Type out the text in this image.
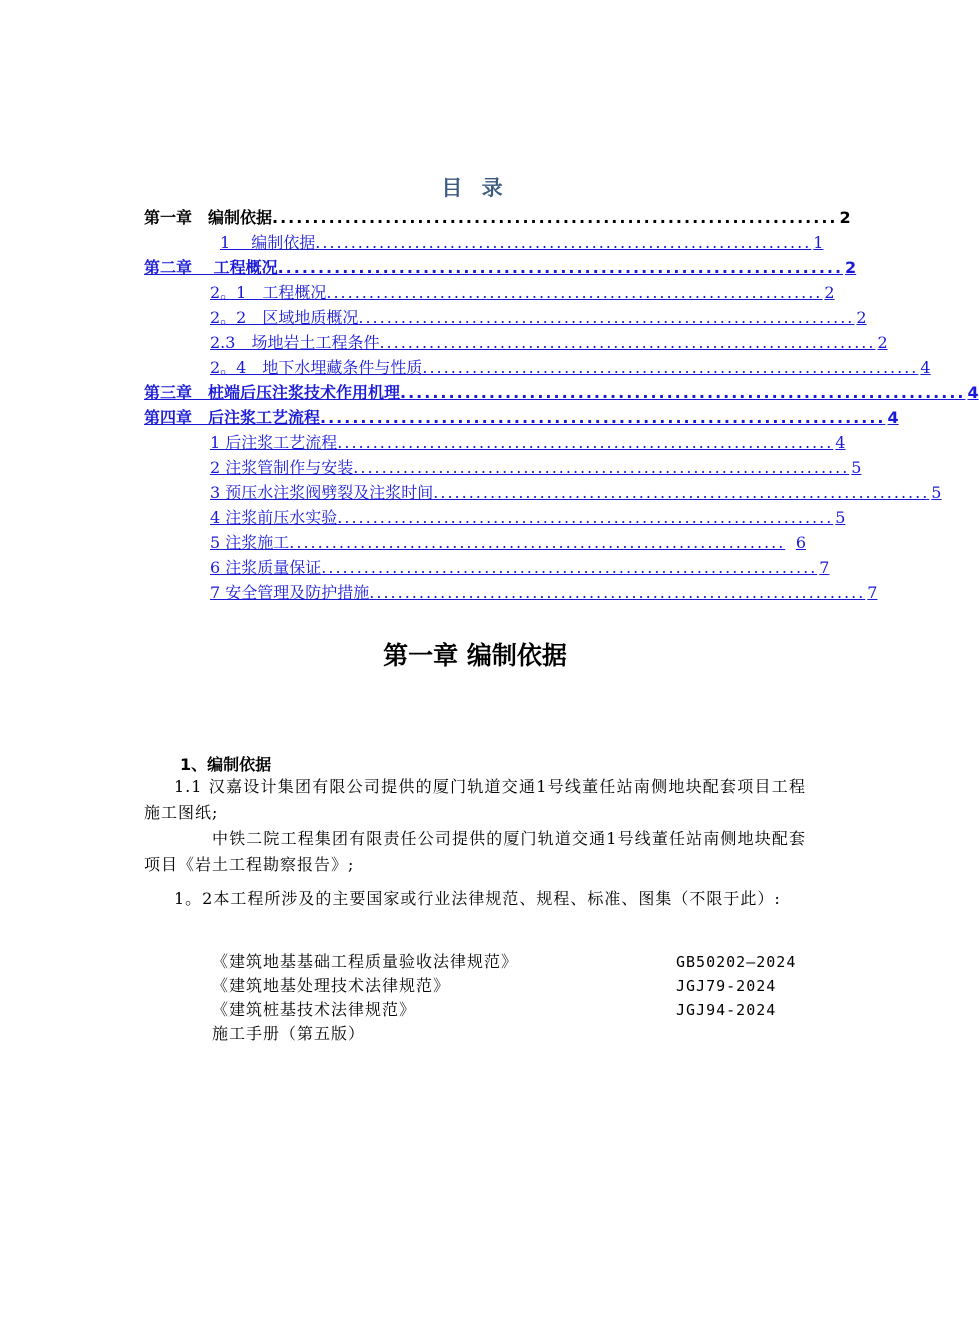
目 录
第一章　编制依据 ...................................................................... 2
1　 编制依据 ...................................................................... 1
第二章　 工程概况 ...................................................................... 2
2。1　工程概况 ...................................................................... 2
2。2　区域地质概况 ...................................................................... 2
2.3　场地岩土工程条件 ...................................................................... 2
2。4　地下水埋藏条件与性质 ...................................................................... 4
第三章　桩端后压注浆技术作用机理 ...................................................................... 4
第四章　后注浆工艺流程 ...................................................................... 4
1 后注浆工艺流程 ...................................................................... 4
2 注浆管制作与安装 ...................................................................... 5
3 预压水注浆阀劈裂及注浆时间 ...................................................................... 5
4 注浆前压水实验 ...................................................................... 5
5 注浆施工 ...................................................................... 6
6 注浆质量保证 ...................................................................... 7
7 安全管理及防护措施 ...................................................................... 7
第一章 编制依据
1、编制依据
1.1 汉嘉设计集团有限公司提供的厦门轨道交通1号线董任站南侧地块配套项目工程施工图纸;
中铁二院工程集团有限责任公司提供的厦门轨道交通1号线董任站南侧地块配套项目《岩土工程勘察报告》;
1。2本工程所涉及的主要国家或行业法律规范、规程、标准、图集（不限于此）:
《建筑地基基础工程质量验收法律规范》	GB50202—2024
《建筑地基处理技术法律规范》	JGJ79-2024
《建筑桩基技术法律规范》	JGJ94-2024
施工手册（第五版）
